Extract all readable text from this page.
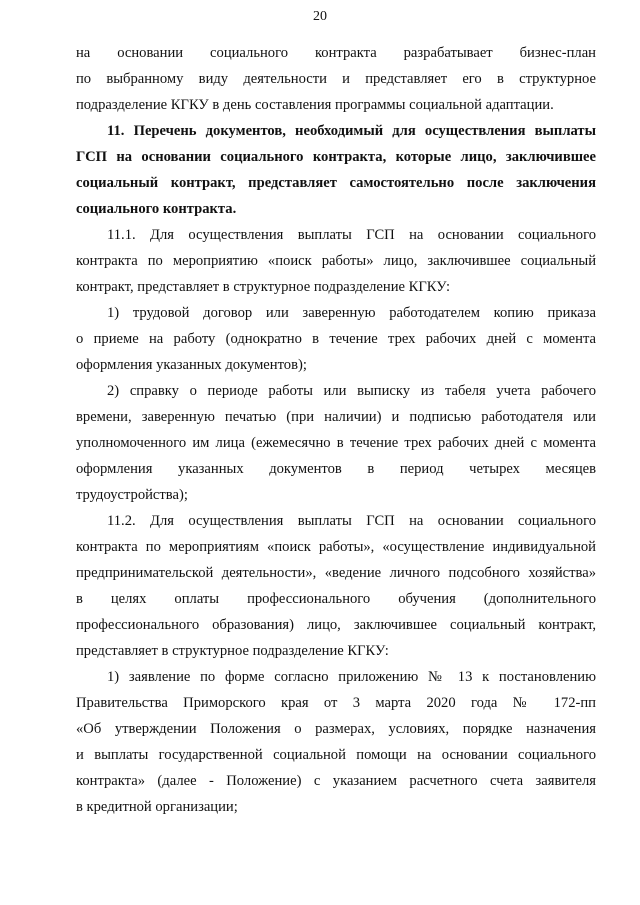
20
на основании социального контракта разрабатывает бизнес-план
по выбранному виду деятельности и представляет его в структурное
подразделение КГКУ в день составления программы социальной адаптации.
11. Перечень документов, необходимый для осуществления выплаты
ГСП на основании социального контракта, которые лицо, заключившее
социальный контракт, представляет самостоятельно после заключения
социального контракта.
11.1. Для осуществления выплаты ГСП на основании социального
контракта по мероприятию «поиск работы» лицо, заключившее социальный
контракт, представляет в структурное подразделение КГКУ:
1) трудовой договор или заверенную работодателем копию приказа
о приеме на работу (однократно в течение трех рабочих дней с момента
оформления указанных документов);
2) справку о периоде работы или выписку из табеля учета рабочего
времени, заверенную печатью (при наличии) и подписью работодателя или
уполномоченного им лица (ежемесячно в течение трех рабочих дней с момента
оформления указанных документов в период четырех месяцев
трудоустройства);
11.2. Для осуществления выплаты ГСП на основании социального
контракта по мероприятиям «поиск работы», «осуществление индивидуальной
предпринимательской деятельности», «ведение личного подсобного хозяйства»
в целях оплаты профессионального обучения (дополнительного
профессионального образования) лицо, заключившее социальный контракт,
представляет в структурное подразделение КГКУ:
1) заявление по форме согласно приложению № 13 к постановлению
Правительства Приморского края от 3 марта 2020 года № 172-пп
«Об утверждении Положения о размерах, условиях, порядке назначения
и выплаты государственной социальной помощи на основании социального
контракта» (далее - Положение) с указанием расчетного счета заявителя
в кредитной организации;
